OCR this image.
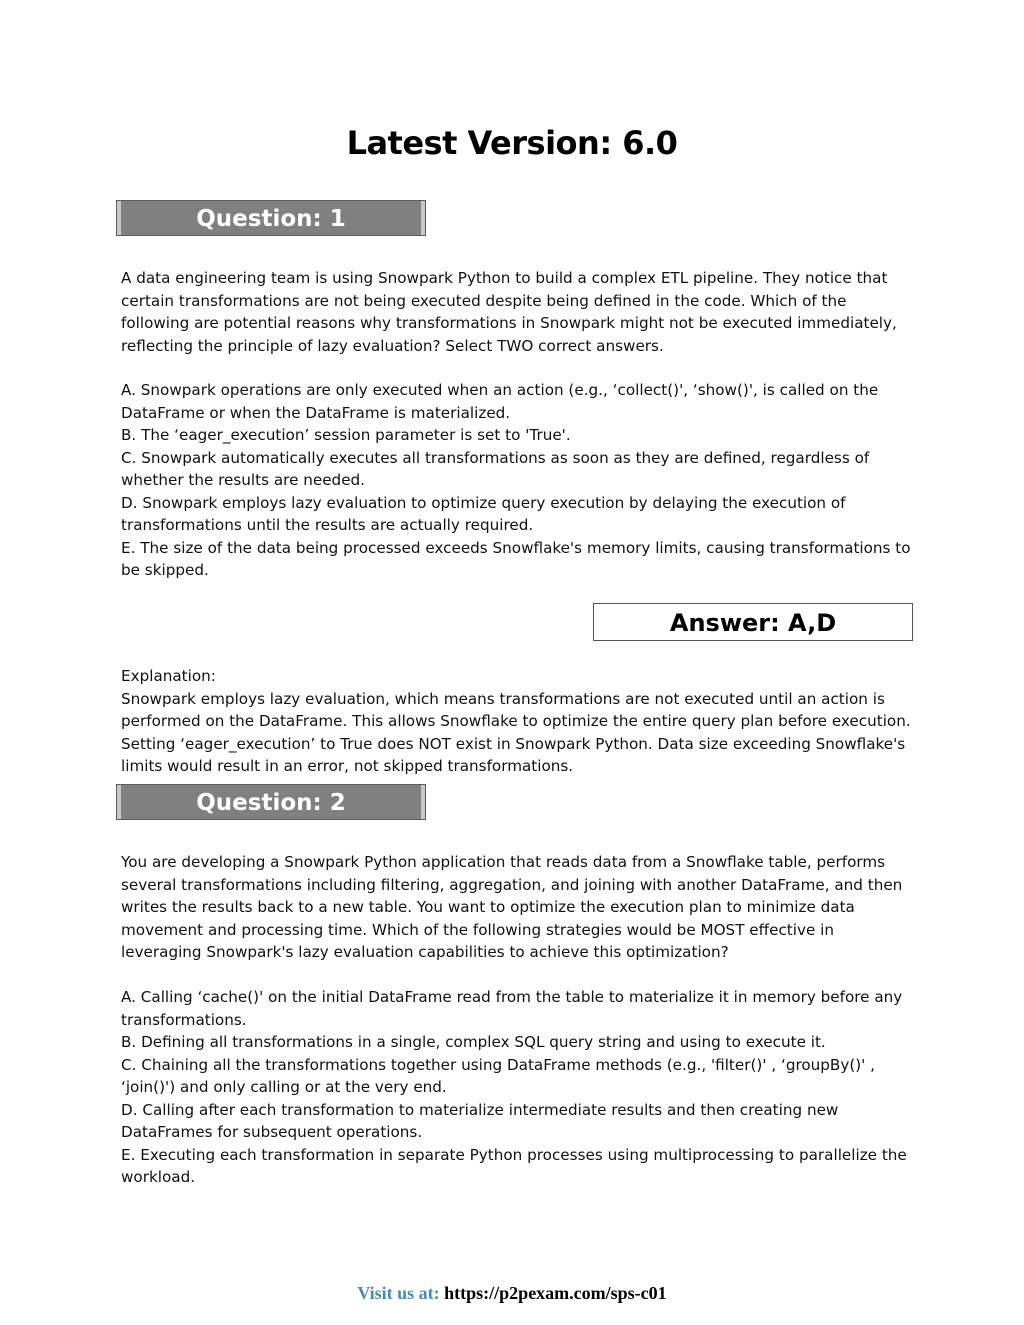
Latest Version: 6.0
Question: 1

A data engineering team is using Snowpark Python to build a complex ETL pipeline. They notice that

certain transformations are not being executed despite being defined in the code. Which of the

following are potential reasons why transformations in Snowpark might not be executed immediately,

reflecting the principle of lazy evaluation? Select TWO correct answers.

A. Snowpark operations are only executed when an action (e.g., ‘collect()', ‘show()', is called on the

DataFrame or when the DataFrame is materialized.

B. The ‘eager_execution’ session parameter is set to 'True'.

C. Snowpark automatically executes all transformations as soon as they are defined, regardless of

whether the results are needed.

D. Snowpark employs lazy evaluation to optimize query execution by delaying the execution of

transformations until the results are actually required.

E. The size of the data being processed exceeds Snowflake's memory limits, causing transformations to

be skipped.

Answer: A,D

Explanation:

Snowpark employs lazy evaluation, which means transformations are not executed until an action is

performed on the DataFrame. This allows Snowflake to optimize the entire query plan before execution.

Setting ‘eager_execution’ to True does NOT exist in Snowpark Python. Data size exceeding Snowflake's

limits would result in an error, not skipped transformations.

Question: 2

You are developing a Snowpark Python application that reads data from a Snowflake table, performs

several transformations including filtering, aggregation, and joining with another DataFrame, and then

writes the results back to a new table. You want to optimize the execution plan to minimize data

movement and processing time. Which of the following strategies would be MOST effective in

leveraging Snowpark's lazy evaluation capabilities to achieve this optimization?

A. Calling ‘cache()' on the initial DataFrame read from the table to materialize it in memory before any

transformations.

B. Defining all transformations in a single, complex SQL query string and using to execute it.

C. Chaining all the transformations together using DataFrame methods (e.g., 'filter()' , ‘groupBy()' ,

‘join()') and only calling or at the very end.

D. Calling after each transformation to materialize intermediate results and then creating new

DataFrames for subsequent operations.

E. Executing each transformation in separate Python processes using multiprocessing to parallelize the

workload.

Visit us at: https://p2pexam.com/sps-c01
